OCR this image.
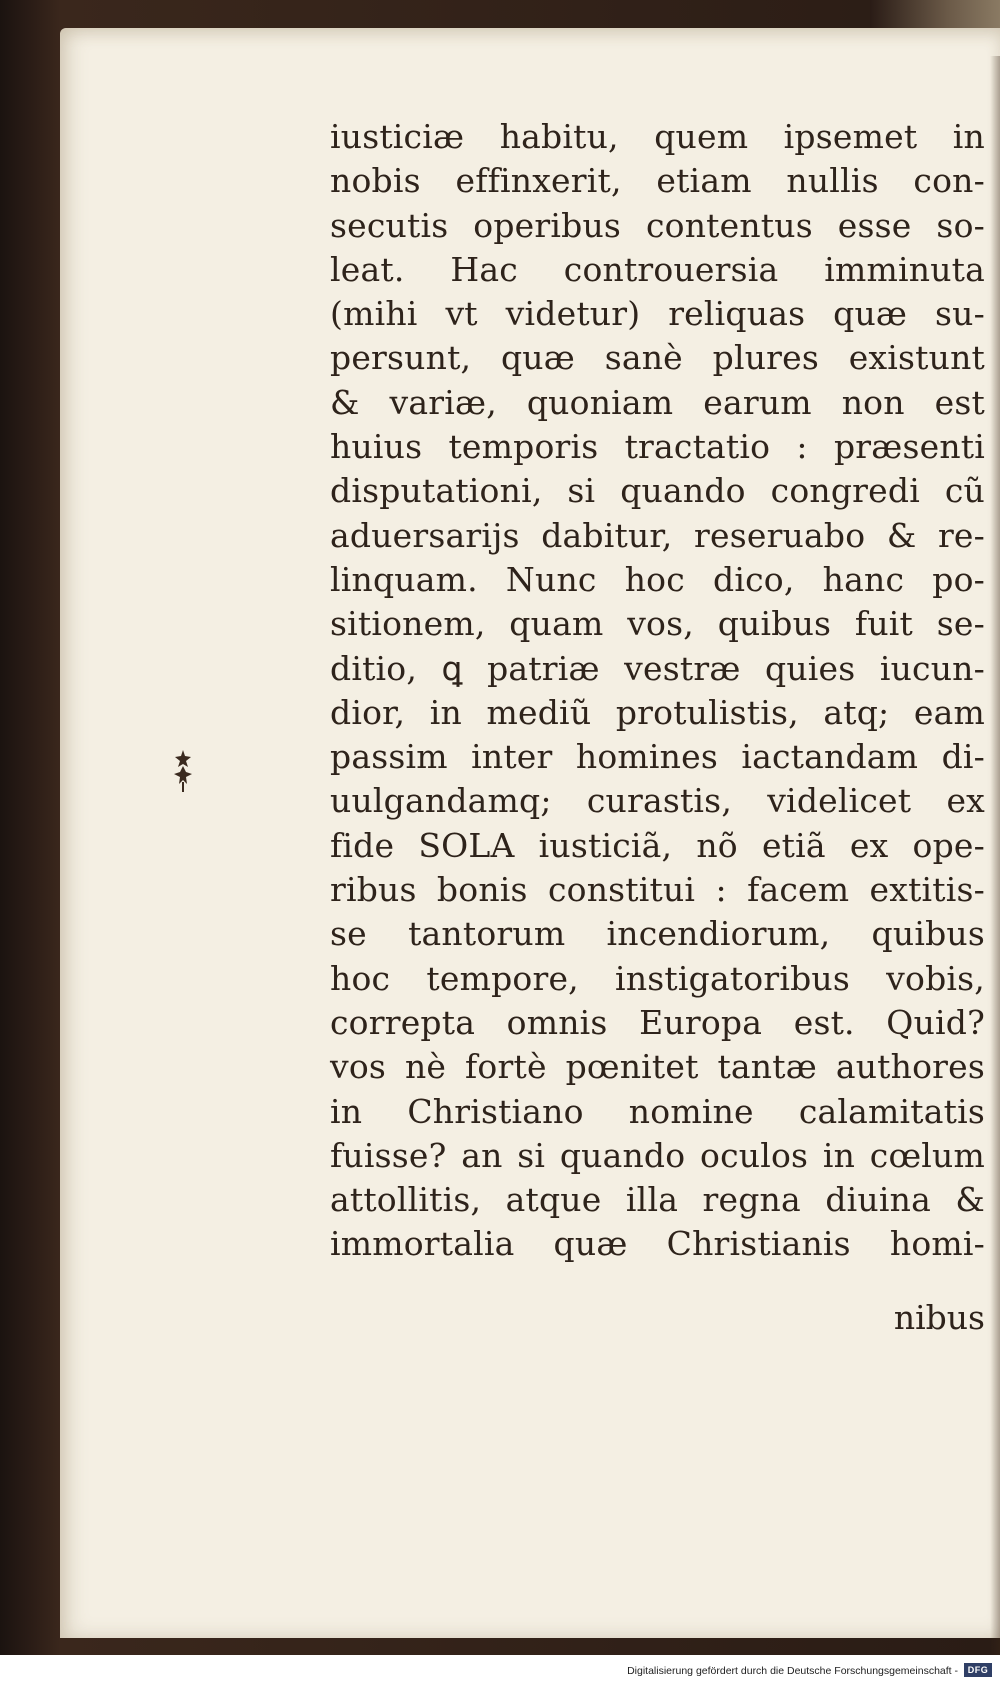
iusticiæ habitu, quem ipsemet in
nobis effinxerit, etiam nullis con-
secutis operibus contentus esse so-
leat. Hac controuersia imminuta
(mihi vt videtur) reliquas quæ su-
persunt, quæ sanè plures existunt
& variæ, quoniam earum non est
huius temporis tractatio : præsenti
disputationi, si quando congredi cũ
aduersarijs dabitur, reseruabo & re-
linquam. Nunc hoc dico, hanc po-
sitionem, quam vos, quibus fuit se-
ditio, ꝗ patriæ vestræ quies iucun-
dior, in mediũ protulistis, atq; eam
passim inter homines iactandam di-
uulgandamq; curastis, videlicet ex
fide SOLA iusticiã, nõ etiã ex ope-
ribus bonis constitui : facem extitis-
se tantorum incendiorum, quibus
hoc tempore, instigatoribus vobis,
correpta omnis Europa est. Quid?
vos nè fortè pœnitet tantæ authores
in Christiano nomine calamitatis
fuisse? an si quando oculos in cœlum
attollitis, atque illa regna diuina &
immortalia quæ Christianis homi-
nibus
Digitalisierung gefördert durch die Deutsche Forschungsgemeinschaft -	DFG
